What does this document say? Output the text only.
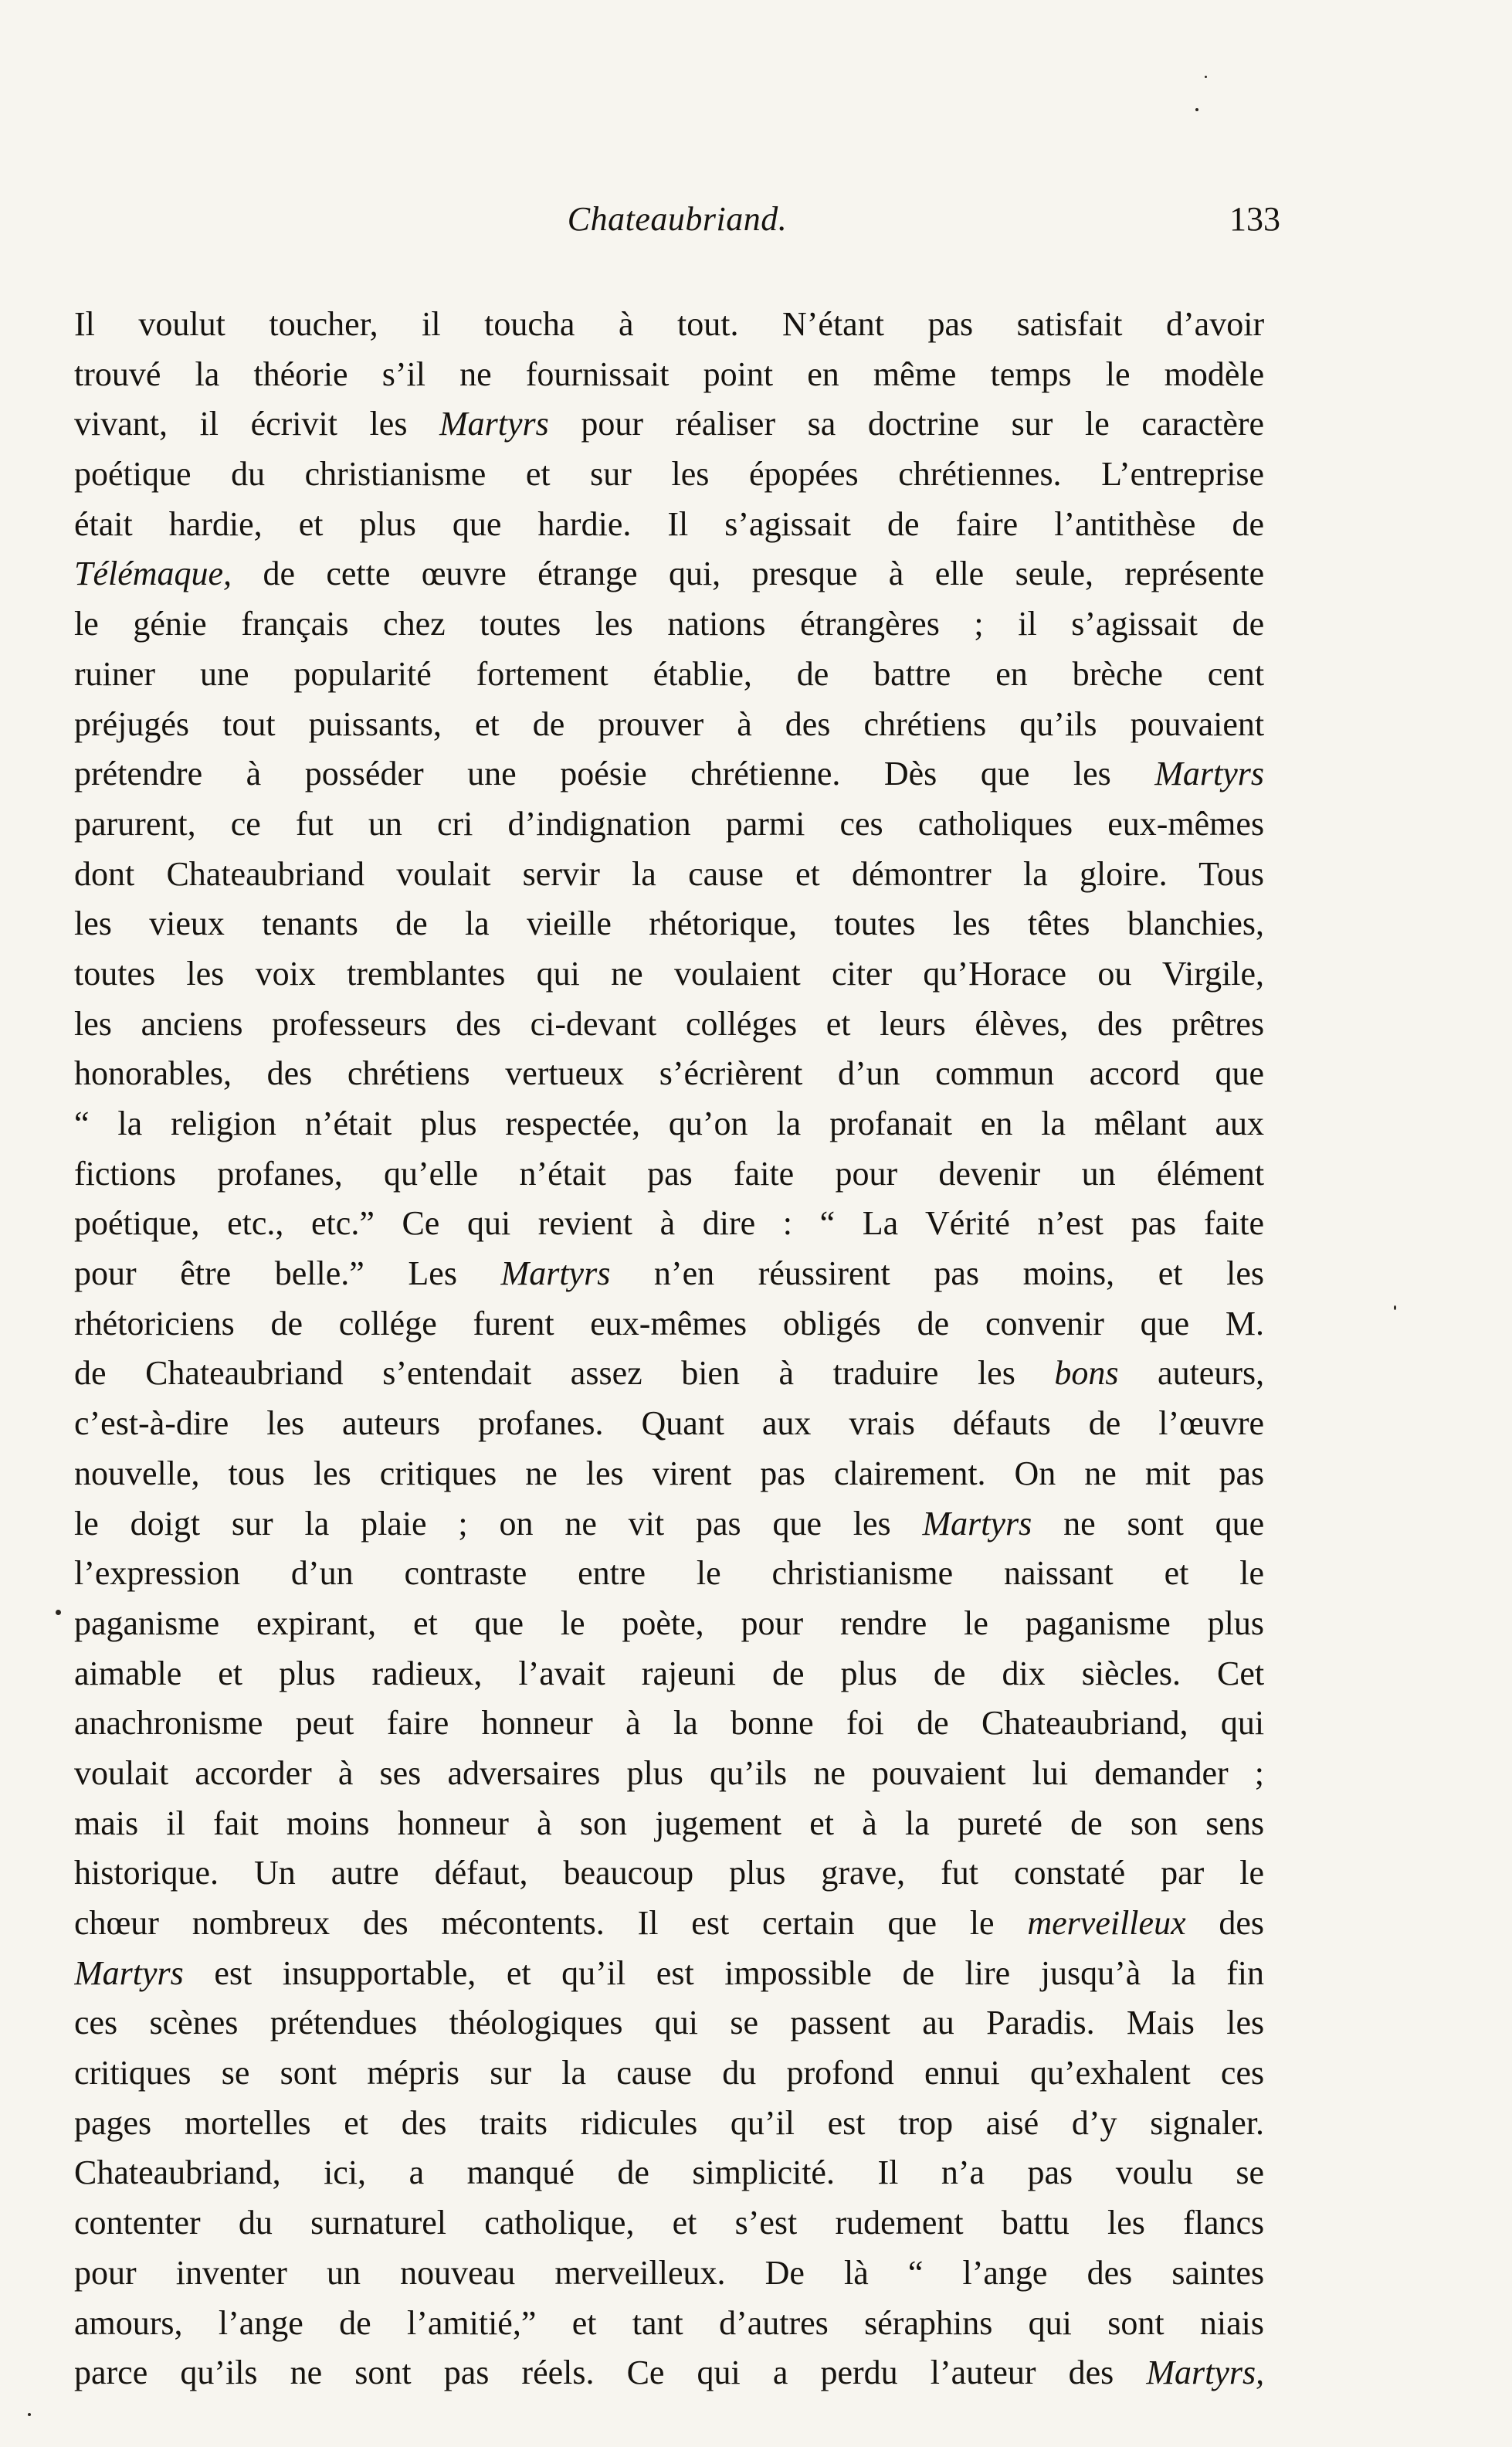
Chateaubriand.	133
Il voulut toucher, il toucha à tout. N’étant pas satisfait d’avoir
trouvé la théorie s’il ne fournissait point en même temps le modèle
vivant, il écrivit les Martyrs pour réaliser sa doctrine sur le caractère
poétique du christianisme et sur les épopées chrétiennes. L’entreprise
était hardie, et plus que hardie. Il s’agissait de faire l’antithèse de
Télémaque, de cette œuvre étrange qui, presque à elle seule, représente
le génie français chez toutes les nations étrangères ; il s’agissait de
ruiner une popularité fortement établie, de battre en brèche cent
préjugés tout puissants, et de prouver à des chrétiens qu’ils pouvaient
prétendre à posséder une poésie chrétienne. Dès que les Martyrs
parurent, ce fut un cri d’indignation parmi ces catholiques eux-mêmes
dont Chateaubriand voulait servir la cause et démontrer la gloire. Tous
les vieux tenants de la vieille rhétorique, toutes les têtes blanchies,
toutes les voix tremblantes qui ne voulaient citer qu’Horace ou Virgile,
les anciens professeurs des ci-devant colléges et leurs élèves, des prêtres
honorables, des chrétiens vertueux s’écrièrent d’un commun accord que
“ la religion n’était plus respectée, qu’on la profanait en la mêlant aux
fictions profanes, qu’elle n’était pas faite pour devenir un élément
poétique, etc., etc.” Ce qui revient à dire : “ La Vérité n’est pas faite
pour être belle.” Les Martyrs n’en réussirent pas moins, et les
rhétoriciens de collége furent eux-mêmes obligés de convenir que M.
de Chateaubriand s’entendait assez bien à traduire les bons auteurs,
c’est-à-dire les auteurs profanes. Quant aux vrais défauts de l’œuvre
nouvelle, tous les critiques ne les virent pas clairement. On ne mit pas
le doigt sur la plaie ; on ne vit pas que les Martyrs ne sont que
l’expression d’un contraste entre le christianisme naissant et le
paganisme expirant, et que le poète, pour rendre le paganisme plus
aimable et plus radieux, l’avait rajeuni de plus de dix siècles. Cet
anachronisme peut faire honneur à la bonne foi de Chateaubriand, qui
voulait accorder à ses adversaires plus qu’ils ne pouvaient lui demander ;
mais il fait moins honneur à son jugement et à la pureté de son sens
historique. Un autre défaut, beaucoup plus grave, fut constaté par le
chœur nombreux des mécontents. Il est certain que le merveilleux des
Martyrs est insupportable, et qu’il est impossible de lire jusqu’à la fin
ces scènes prétendues théologiques qui se passent au Paradis. Mais les
critiques se sont mépris sur la cause du profond ennui qu’exhalent ces
pages mortelles et des traits ridicules qu’il est trop aisé d’y signaler.
Chateaubriand, ici, a manqué de simplicité. Il n’a pas voulu se
contenter du surnaturel catholique, et s’est rudement battu les flancs
pour inventer un nouveau merveilleux. De là “ l’ange des saintes
amours, l’ange de l’amitié,” et tant d’autres séraphins qui sont niais
parce qu’ils ne sont pas réels. Ce qui a perdu l’auteur des Martyrs,
